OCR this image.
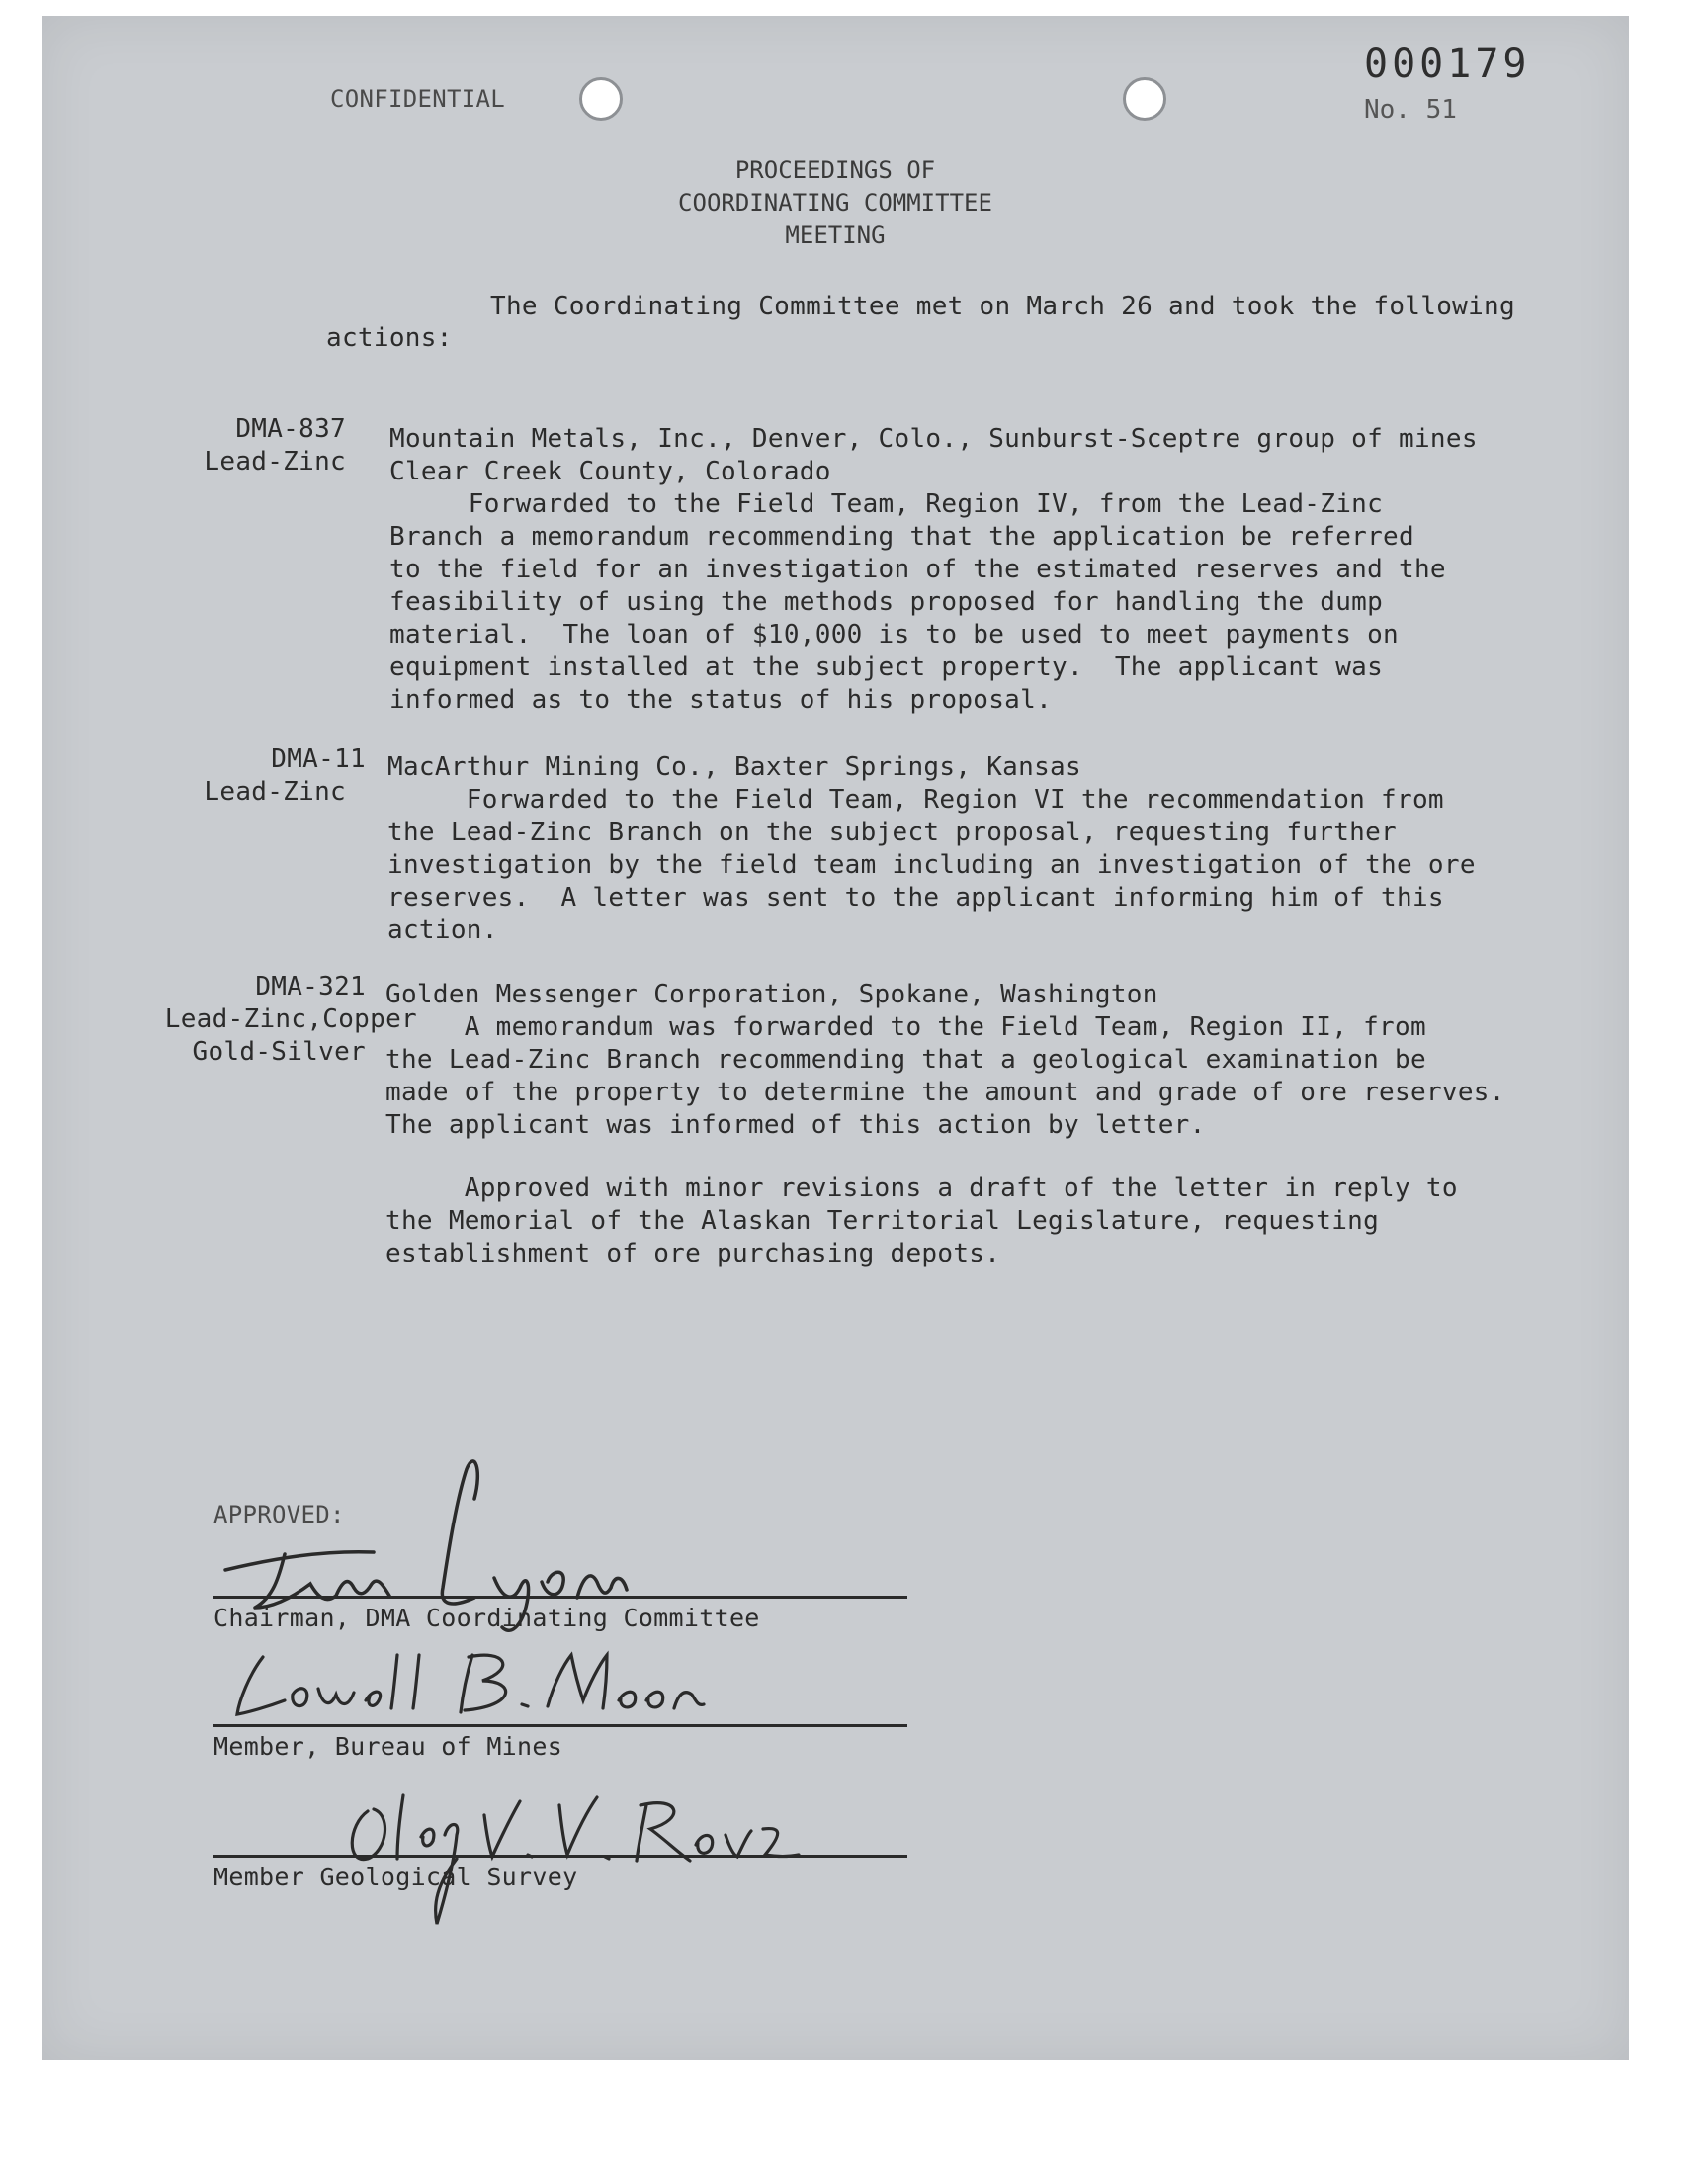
CONFIDENTIAL
000179
No. 51
PROCEEDINGS OF
COORDINATING COMMITTEE
MEETING
The Coordinating Committee met on March 26 and took the following
actions:
DMA-837
Lead-Zinc
Mountain Metals, Inc., Denver, Colo., Sunburst-Sceptre group of mines
Clear Creek County, Colorado
Forwarded to the Field Team, Region IV, from the Lead-Zinc
Branch a memorandum recommending that the application be referred
to the field for an investigation of the estimated reserves and the
feasibility of using the methods proposed for handling the dump
material.  The loan of $10,000 is to be used to meet payments on
equipment installed at the subject property.  The applicant was
informed as to the status of his proposal.
DMA-11
Lead-Zinc
MacArthur Mining Co., Baxter Springs, Kansas
Forwarded to the Field Team, Region VI the recommendation from
the Lead-Zinc Branch on the subject proposal, requesting further
investigation by the field team including an investigation of the ore
reserves.  A letter was sent to the applicant informing him of this
action.
DMA-321
Lead-Zinc,Copper
Gold-Silver
Golden Messenger Corporation, Spokane, Washington
A memorandum was forwarded to the Field Team, Region II, from
the Lead-Zinc Branch recommending that a geological examination be
made of the property to determine the amount and grade of ore reserves.
The applicant was informed of this action by letter.
Approved with minor revisions a draft of the letter in reply to
the Memorial of the Alaskan Territorial Legislature, requesting
establishment of ore purchasing depots.
APPROVED:
Chairman, DMA Coordinating Committee
Member, Bureau of Mines
Member Geological Survey
